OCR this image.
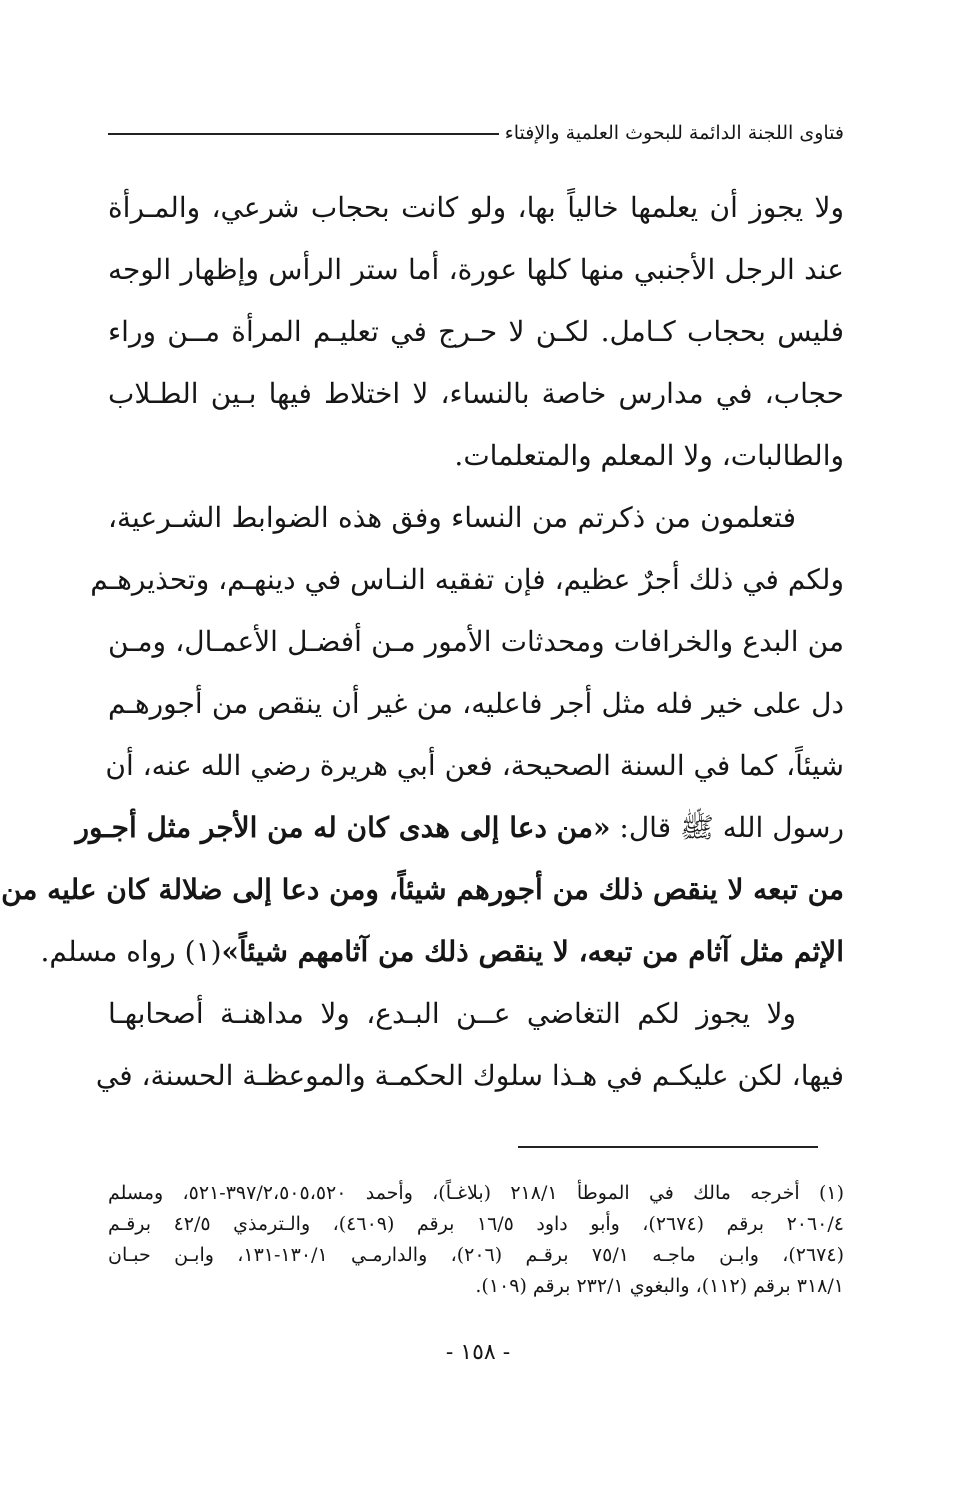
فتاوى اللجنة الدائمة للبحوث العلمية والإفتاء
ولا يجوز أن يعلمها خالياً بها، ولو كانت بحجاب شرعي، والمـرأة
عند الرجل الأجنبي منها كلها عورة، أما ستر الرأس وإظهار الوجه
فليس بحجاب كـامل. لكـن لا حـرج في تعليـم المرأة مــن وراء
حجاب، في مدارس خاصة بالنساء، لا اختلاط فيها بـين الطـلاب
والطالبات، ولا المعلم والمتعلمات.
فتعلمون من ذكرتم من النساء وفق هذه الضوابط الشـرعية،
ولكم في ذلك أجرٌ عظيم، فإن تفقيه النـاس في دينهـم، وتحذيرهـم
من البدع والخرافات ومحدثات الأمور مـن أفضـل الأعمـال، ومـن
دل على خير فله مثل أجر فاعليه، من غير أن ينقص من أجورهـم
شيئاً، كما في السنة الصحيحة، فعن أبي هريرة رضي الله عنه، أن
رسول الله ﷺ قال: «من دعا إلى هدى كان له من الأجر مثل أجـور
من تبعه لا ينقص ذلك من أجورهم شيئاً، ومن دعا إلى ضلالة كان عليه من
الإثم مثل آثام من تبعه، لا ينقص ذلك من آثامهم شيئاً»(١) رواه مسلم.
ولا يجوز لكم التغاضي عــن البـدع، ولا مداهنـة أصحابهـا
فيها، لكن عليكـم في هـذا سلوك الحكمـة والموعظـة الحسنة، في
(١) أخرجه مالك في الموطأ ٢١٨/١ (بلاغـاً)، وأحمد ٣٩٧/٢،٥٠٥،٥٢٠-٥٢١، ومسلم
٢٠٦٠/٤ برقم (٢٦٧٤)، وأبو داود ١٦/٥ برقم (٤٦٠٩)، والـترمذي ٤٢/٥ برقـم
(٢٦٧٤)، وابـن ماجـه ٧٥/١ برقـم (٢٠٦)، والدارمـي ١٣٠/١-١٣١، وابـن حبـان
٣١٨/١ برقم (١١٢)، والبغوي ٢٣٢/١ برقم (١٠٩).
- ١٥٨ -
